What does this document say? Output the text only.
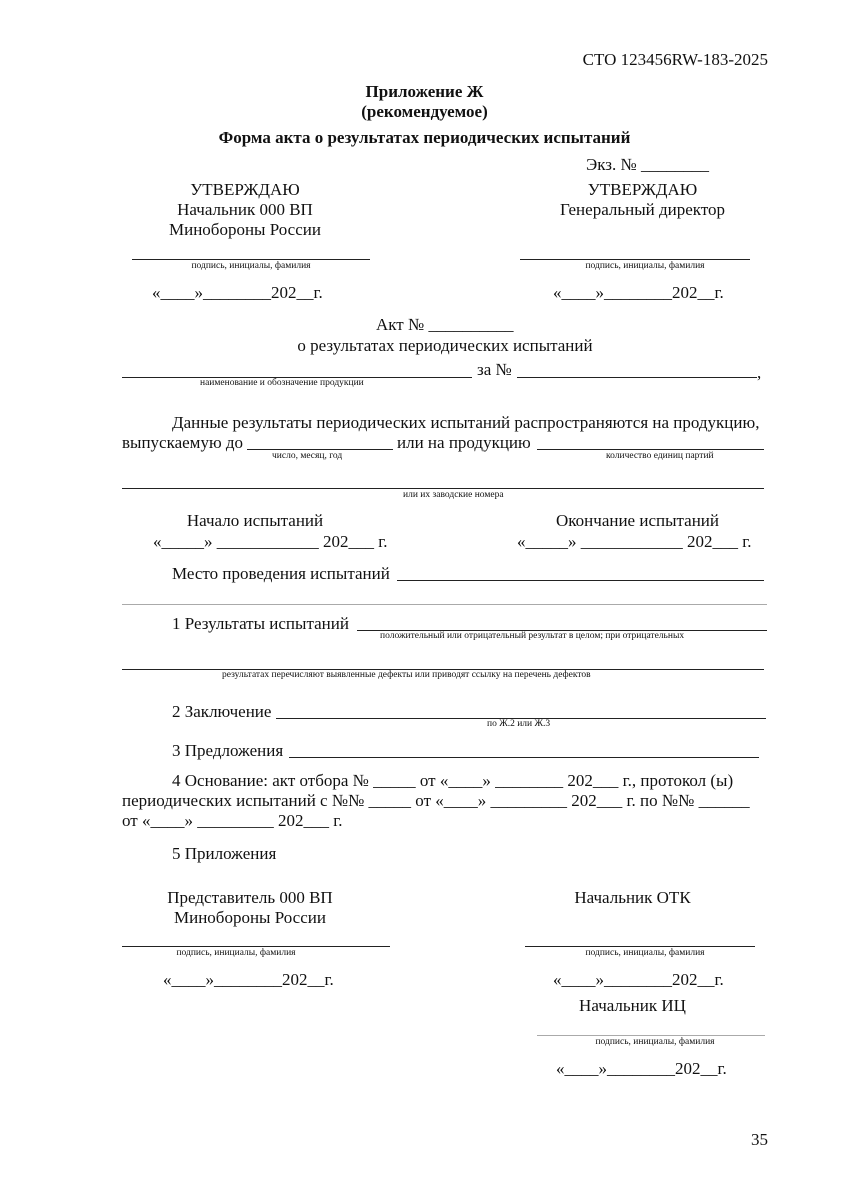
СТО 123456RW-183-2025
Приложение Ж
(рекомендуемое)
Форма акта о результатах периодических испытаний
Экз. № ________
УТВЕРЖДАЮ
Начальник 000 ВП
Минобороны России
подпись, инициалы, фамилия
«____»________202__г.
УТВЕРЖДАЮ
Генеральный директор
подпись, инициалы, фамилия
«____»________202__г.
Акт № __________
о результатах периодических испытаний
за №	,
наименование и обозначение продукции
Данные результаты периодических испытаний распространяются на продукцию,
выпускаемую до	или на продукцию
число, месяц, год	количество единиц партий
или их заводские номера
Начало испытаний
«_____» ____________ 202___ г.
Окончание испытаний
«_____» ____________ 202___ г.
Место проведения испытаний
1 Результаты испытаний
положительный или отрицательный результат в целом; при отрицательных
результатах перечисляют выявленные дефекты или приводят ссылку на перечень дефектов
2 Заключение
по Ж.2 или Ж.3
3 Предложения
4 Основание: акт отбора № _____ от «____» ________ 202___ г., протокол (ы)
периодических испытаний с №№ _____ от «____» _________ 202___ г. по №№ ______
от «____» _________ 202___ г.
5 Приложения
Представитель 000 ВП
Минобороны России
подпись, инициалы, фамилия
«____»________202__г.
Начальник ОТК
подпись, инициалы, фамилия
«____»________202__г.
Начальник ИЦ
подпись, инициалы, фамилия
«____»________202__г.
35
